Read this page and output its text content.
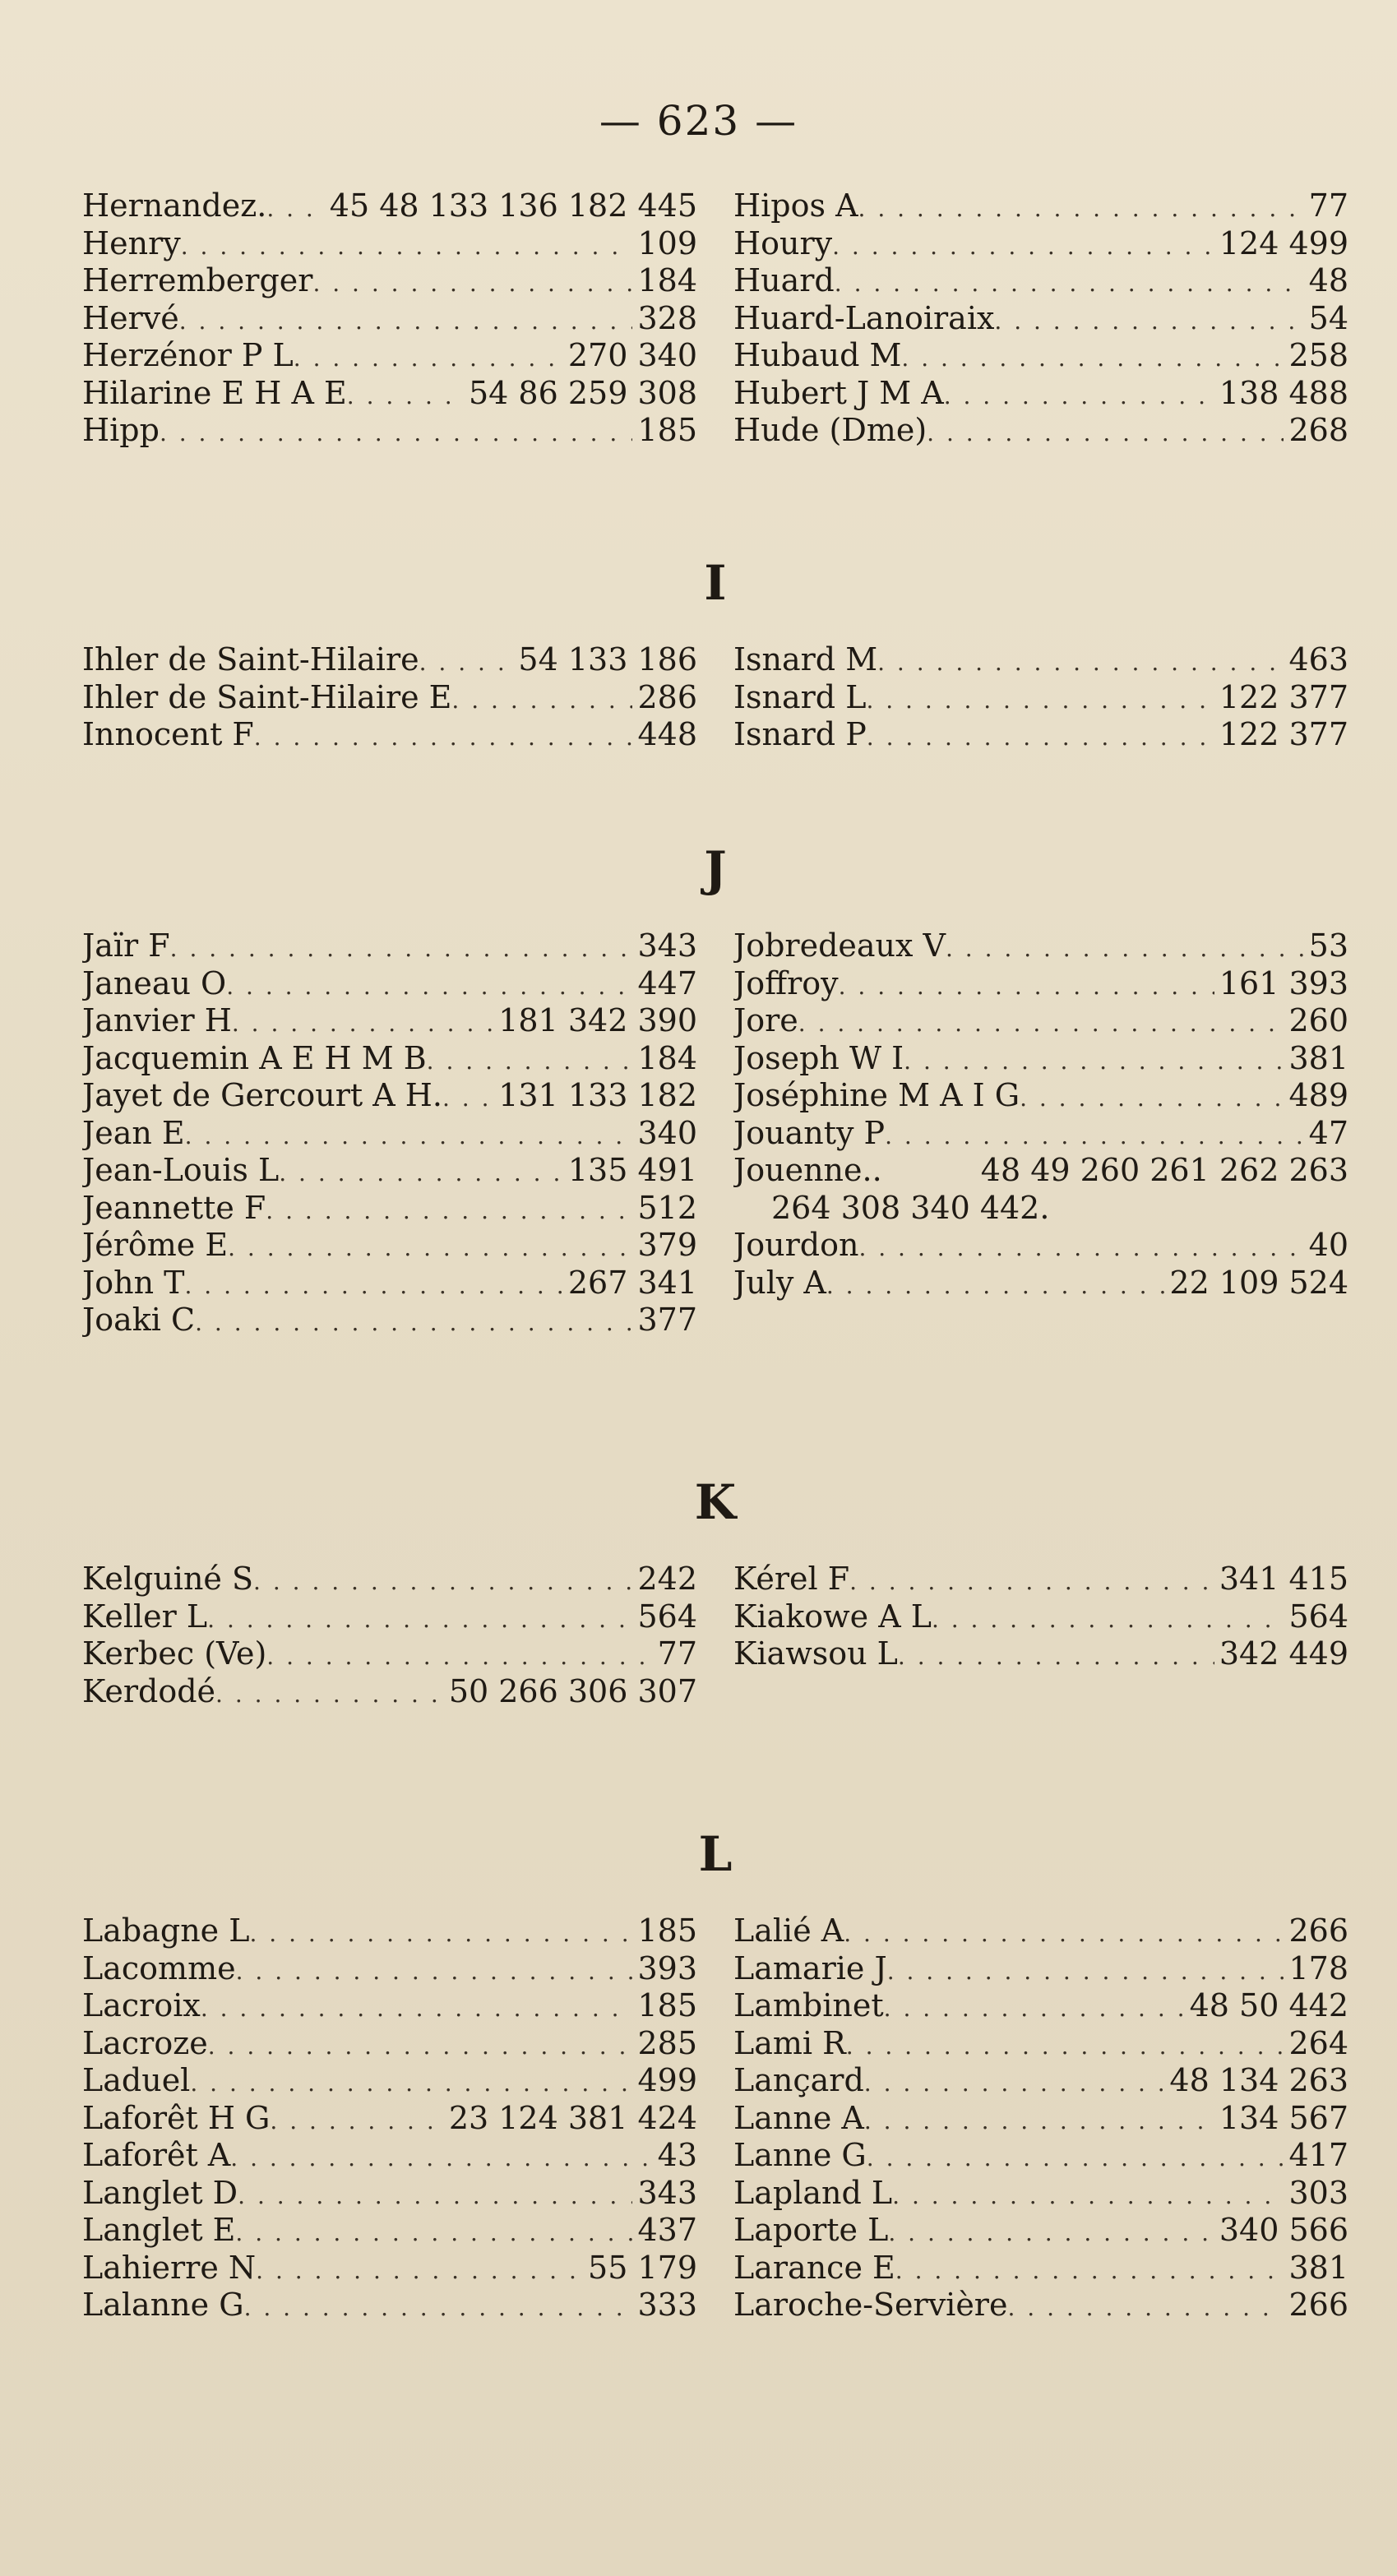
— 623 —
Hernandez. . . . 45 48 133 136 182 445
Henry . . .	109
Herremberger . . .	184
Hervé . . .	328
Herzénor P L . . .	270 340
Hilarine E H A E . . .	54 86 259 308
Hipp . . .	185
Hipos A . . .	77
Houry . . .	124 499
Huard . . .	48
Huard-Lanoiraix . . .	54
Hubaud M . . .	258
Hubert J M A . . .	138 488
Hude (Dme) . . .	268
I
Ihler de Saint-Hilaire . . .	54 133 186
Ihler de Saint-Hilaire E . . .	286
Innocent F . . .	448
Isnard M . . .	463
Isnard L . . .	122 377
Isnard P . . .	122 377
J
Jaïr F . . .	343
Janeau O . . .	447
Janvier H . . .	181 342 390
Jacquemin A E H M B . . .	184
Jayet de Gercourt A H. . . . 131 133 182
Jean E . . .	340
Jean-Louis L . . .	135 491
Jeannette F . . .	512
Jérôme E . . .	379
John T . . .	267 341
Joaki C . . .	377
Jobredeaux V . . .	53
Joffroy . . .	161 393
Jore . . .	260
Joseph W I . . .	381
Joséphine M A I G . . .	489
Jouanty P . . .	47
Jouenne..	48 49 260 261 262 263
264 308 340 442.
Jourdon . . .	40
July A . . .	22 109 524
K
Kelguiné S . . .	242
Keller L . . .	564
Kerbec (Ve) . . .	77
Kerdodé . . .	50 266 306 307
Kérel F . . .	341 415
Kiakowe A L . . .	564
Kiawsou L . . .	342 449
L
Labagne L . . .	185
Lacomme . . .	393
Lacroix . . .	185
Lacroze . . .	285
Laduel . . .	499
Laforêt H G . . .	23 124 381 424
Laforêt A . . .	43
Langlet D . . .	343
Langlet E . . .	437
Lahierre N . . .	55 179
Lalanne G . . .	333
Lalié A . . .	266
Lamarie J . . .	178
Lambinet . . .	48 50 442
Lami R . . .	264
Lançard . . .	48 134 263
Lanne A . . .	134 567
Lanne G . . .	417
Lapland L . . .	303
Laporte L . . .	340 566
Larance E . . .	381
Laroche-Servière . . .	266
